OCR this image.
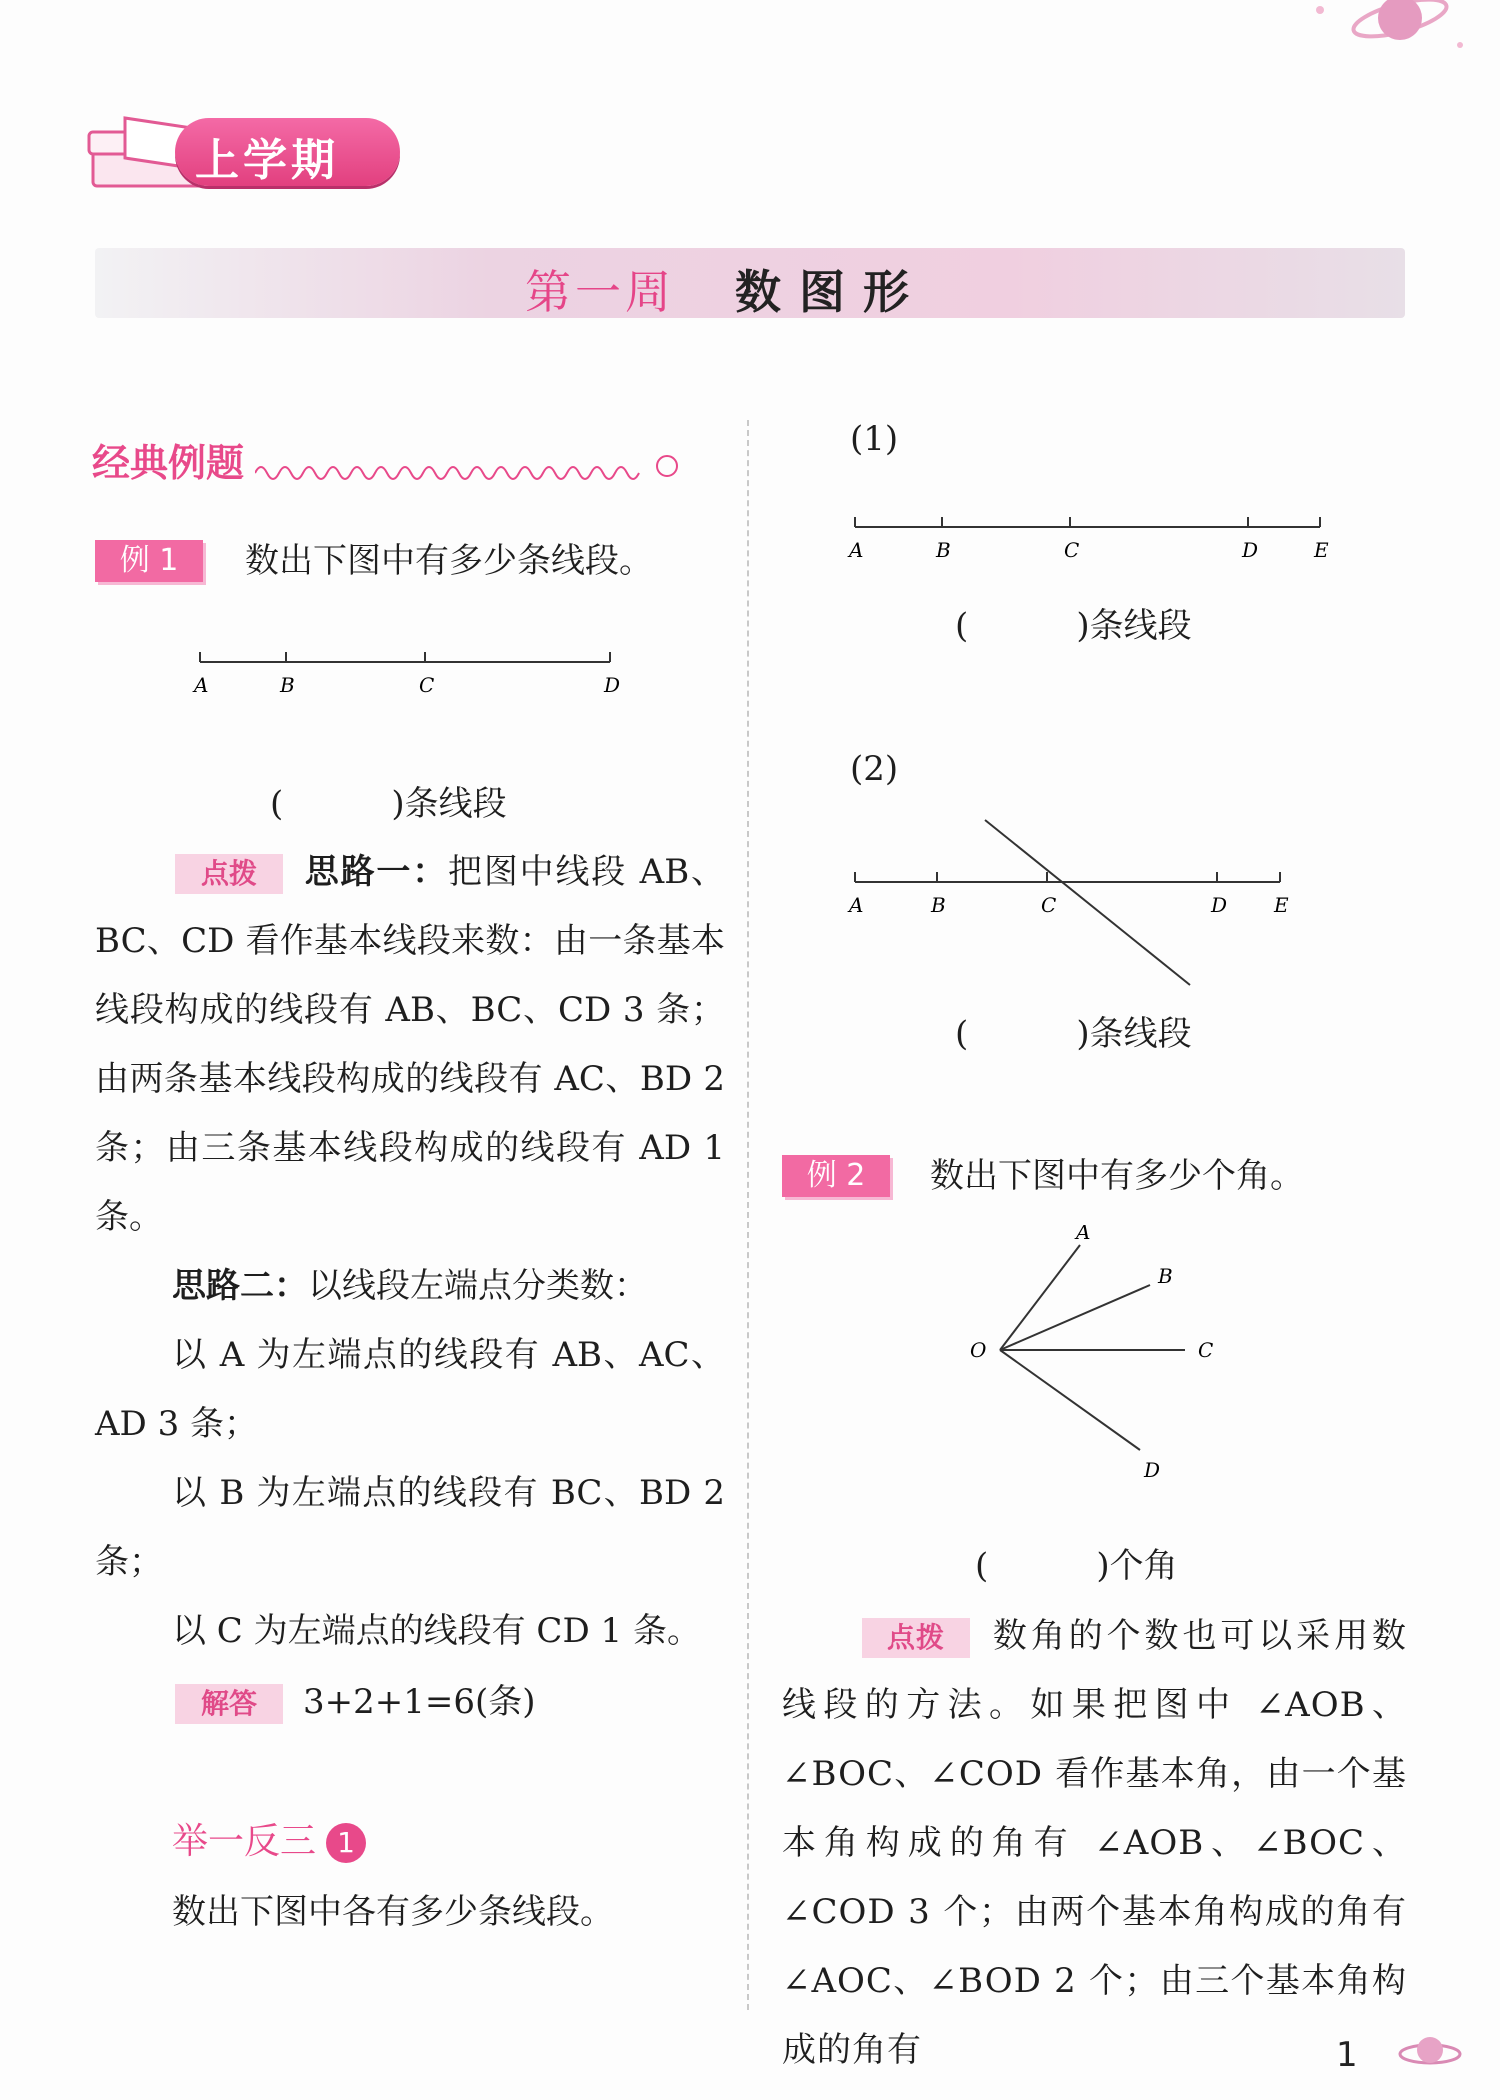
上学期
第一周 数图形
经典例题
例 1	数出下图中有多少条线段。
A	B	C	D
(          )条线段
点拨 思路一：把图中线段 AB、BC、CD 看作基本线段来数：由一条基本线段构成的线段有 AB、BC、CD 3 条；由两条基本线段构成的线段有 AC、BD 2 条；由三条基本线段构成的线段有 AD 1 条。
思路二：以线段左端点分类数：
以 A 为左端点的线段有 AB、AC、AD 3 条；
以 B 为左端点的线段有 BC、BD 2 条；
以 C 为左端点的线段有 CD 1 条。
解答 3+2+1=6(条)
举一反三 1
数出下图中各有多少条线段。
(1)
A	B	C	D	E
(          )条线段
(2)
A	B	C	D E
(          )条线段
例 2	数出下图中有多少个角。
A
B
O	C
D
(          )个角
点拨 数角的个数也可以采用数线段的方法。如果把图中 ∠AOB、∠BOC、∠COD 看作基本角，由一个基本角构成的角有 ∠AOB、∠BOC、∠COD 3 个；由两个基本角构成的角有 ∠AOC、∠BOD 2 个；由三个基本角构成的角有	1
